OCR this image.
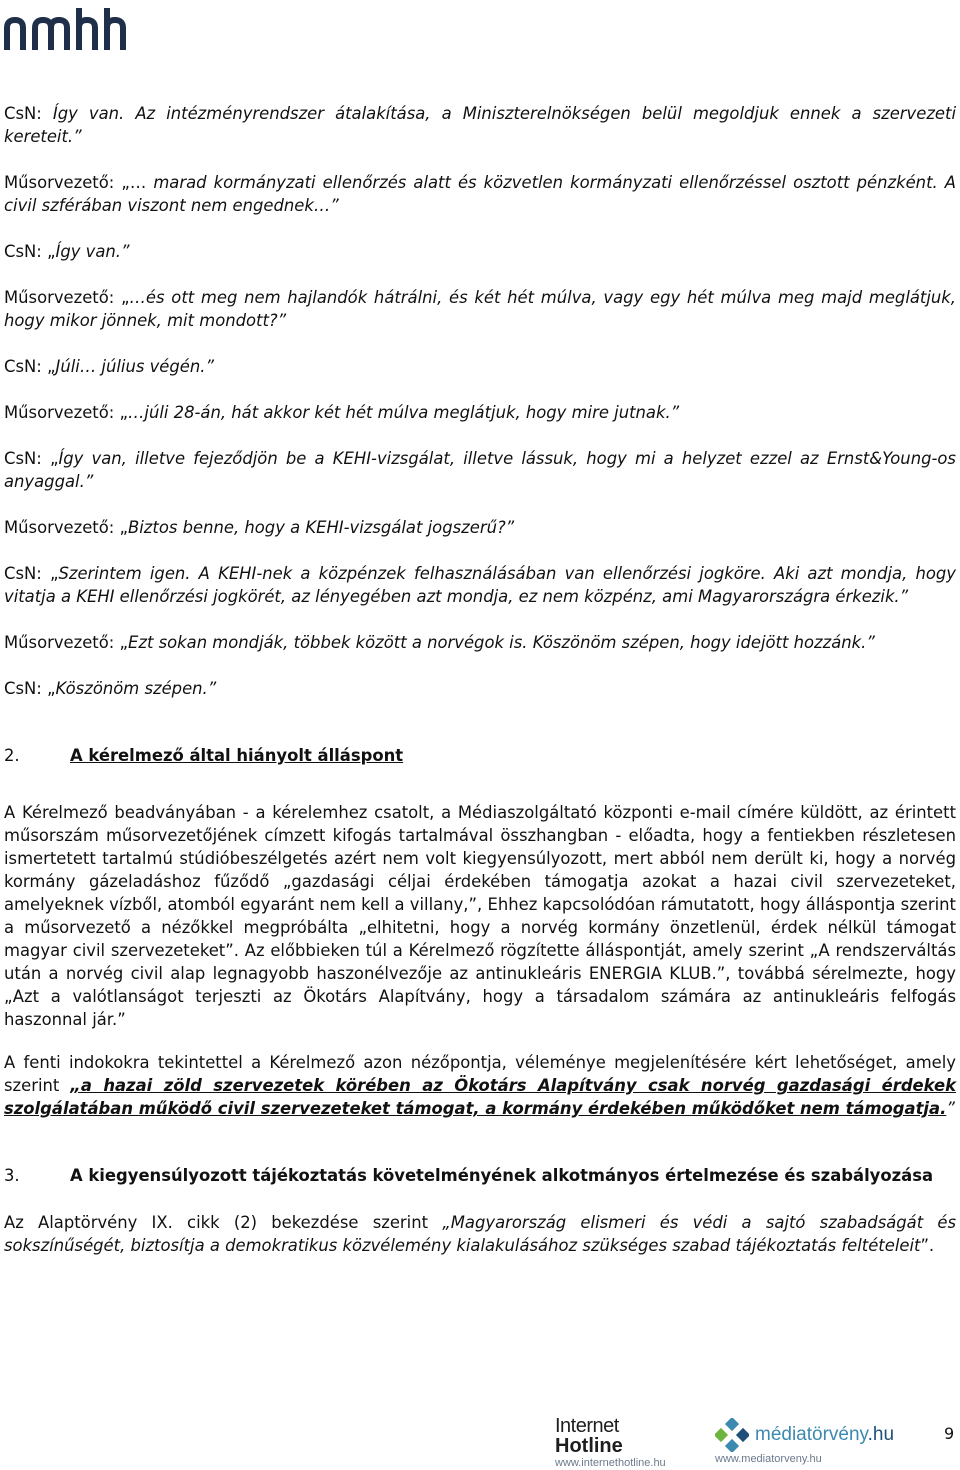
CsN: Így van. Az intézményrendszer átalakítása, a Miniszterelnökségen belül megoldjuk ennek a szervezeti kereteit.”

Műsorvezető: „… marad kormányzati ellenőrzés alatt és közvetlen kormányzati ellenőrzéssel osztott pénzként. A civil szférában viszont nem engednek…”

CsN: „Így van.”

Műsorvezető: „…és ott meg nem hajlandók hátrálni, és két hét múlva, vagy egy hét múlva meg majd meglátjuk, hogy mikor jönnek, mit mondott?”

CsN: „Júli… július végén.”

Műsorvezető: „…júli 28-án, hát akkor két hét múlva meglátjuk, hogy mire jutnak.”

CsN: „Így van, illetve fejeződjön be a KEHI-vizsgálat, illetve lássuk, hogy mi a helyzet ezzel az Ernst&Young-os anyaggal.”

Műsorvezető: „Biztos benne, hogy a KEHI-vizsgálat jogszerű?”

CsN: „Szerintem igen. A KEHI-nek a közpénzek felhasználásában van ellenőrzési jogköre. Aki azt mondja, hogy vitatja a KEHI ellenőrzési jogkörét, az lényegében azt mondja, ez nem közpénz, ami Magyarországra érkezik.”

Műsorvezető: „Ezt sokan mondják, többek között a norvégok is. Köszönöm szépen, hogy idejött hozzánk.”

CsN: „Köszönöm szépen.”

2.	A kérelmező által hiányolt álláspont

A Kérelmező beadványában - a kérelemhez csatolt, a Médiaszolgáltató központi e-mail címére küldött, az érintett műsorszám műsorvezetőjének címzett kifogás tartalmával összhangban - előadta, hogy a fentiekben részletesen ismertetett tartalmú stúdióbeszélgetés azért nem volt kiegyensúlyozott, mert abból nem derült ki, hogy a norvég kormány gázeladáshoz fűződő „gazdasági céljai érdekében támogatja azokat a hazai civil szervezeteket, amelyeknek vízből, atomból egyaránt nem kell a villany,”, Ehhez kapcsolódóan rámutatott, hogy álláspontja szerint a műsorvezető a nézőkkel megpróbálta „elhitetni, hogy a norvég kormány önzetlenül, érdek nélkül támogat magyar civil szervezeteket”. Az előbbieken túl a Kérelmező rögzítette álláspontját, amely szerint „A rendszerváltás után a norvég civil alap legnagyobb haszonélvezője az antinukleáris ENERGIA KLUB.”, továbbá sérelmezte, hogy „Azt a valótlanságot terjeszti az Ökotárs Alapítvány, hogy a társadalom számára az antinukleáris felfogás haszonnal jár.”

A fenti indokokra tekintettel a Kérelmező azon nézőpontja, véleménye megjelenítésére kért lehetőséget, amely szerint „a hazai zöld szervezetek körében az Ökotárs Alapítvány csak norvég gazdasági érdekek szolgálatában működő civil szervezeteket támogat, a kormány érdekében működőket nem támogatja.”

3.	A kiegyensúlyozott tájékoztatás követelményének alkotmányos értelmezése és szabályozása

Az Alaptörvény IX. cikk (2) bekezdése szerint „Magyarország elismeri és védi a sajtó szabadságát és sokszínűségét, biztosítja a demokratikus közvélemény kialakulásához szükséges szabad tájékoztatás feltételeit”.

Internet
Hotline
www.internethotline.hu
médiatörvény.hu
www.mediatorveny.hu
9
